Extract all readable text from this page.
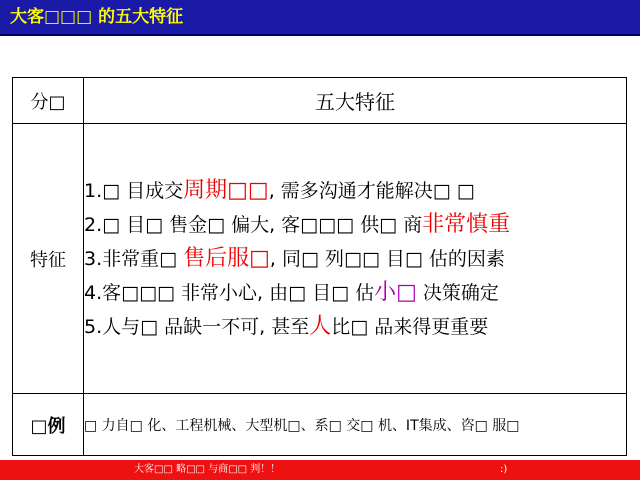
大客□□□ 的五大特征
分□	五大特征
特征	1.□ 目成交周期□□, 需多沟通才能解决□ □
2.□ 目□ 售金□ 偏大, 客□□□ 供□ 商非常慎重
3.非常重□ 售后服□, 同□ 列□□ 目□ 估的因素
4.客□□□ 非常小心, 由□ 目□ 估小□ 决策确定
5.人与□ 品缺一不可, 甚至人比□ 品来得更重要

□例	□ 力自□ 化、工程机械、大型机□、系□ 交□ 机、IT集成、咨□ 服□
大客□□ 略□□ 与商□□ 判！！	:)
